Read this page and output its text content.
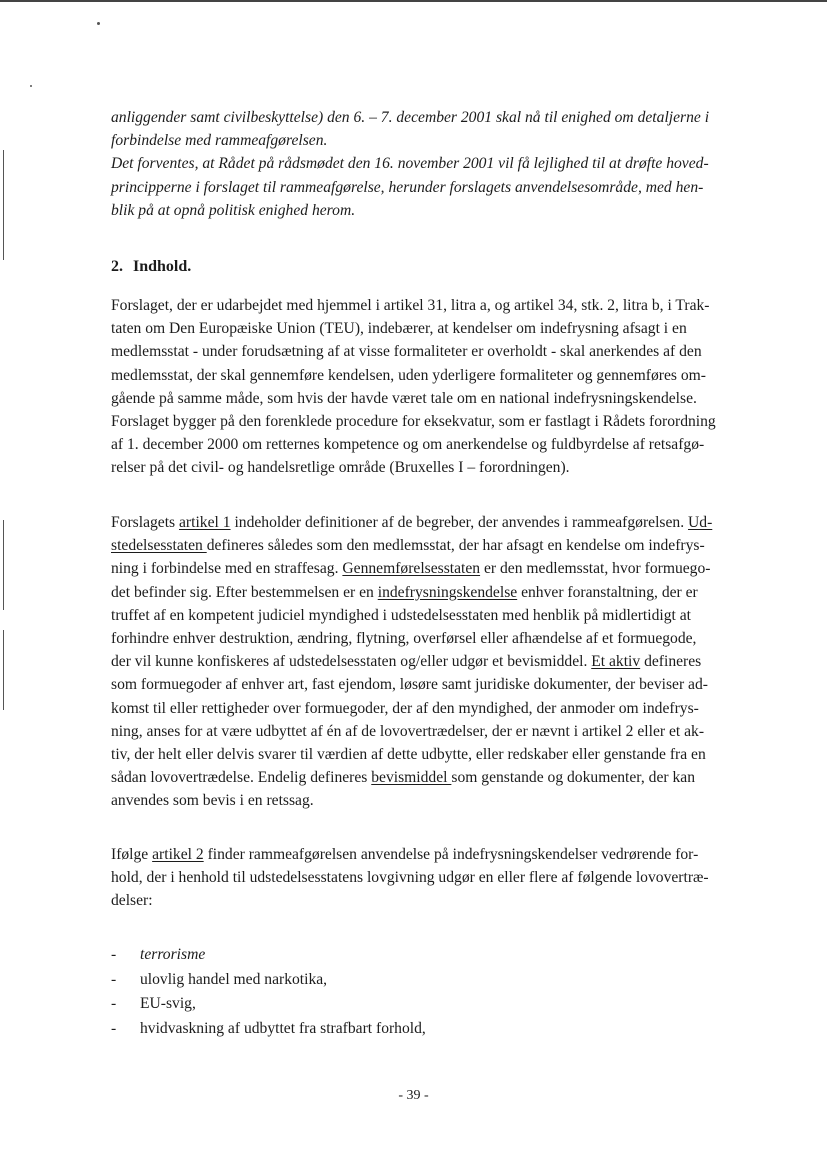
anliggender samt civilbeskyttelse) den 6. – 7. december 2001 skal nå til enighed om detaljerne i
forbindelse med rammeafgørelsen.
Det forventes, at Rådet på rådsmødet den 16. november 2001 vil få lejlighed til at drøfte hoved-
principperne i forslaget til rammeafgørelse, herunder forslagets anvendelsesområde, med hen-
blik på at opnå politisk enighed herom.
2. Indhold.
Forslaget, der er udarbejdet med hjemmel i artikel 31, litra a, og artikel 34, stk. 2, litra b, i Trak-
taten om Den Europæiske Union (TEU), indebærer, at kendelser om indefrysning afsagt i en
medlemsstat - under forudsætning af at visse formaliteter er overholdt - skal anerkendes af den
medlemsstat, der skal gennemføre kendelsen, uden yderligere formaliteter og gennemføres om-
gående på samme måde, som hvis der havde været tale om en national indefrysningskendelse.
Forslaget bygger på den forenklede procedure for eksekvatur, som er fastlagt i Rådets forordning
af 1. december 2000 om retternes kompetence og om anerkendelse og fuldbyrdelse af retsafgø-
relser på det civil- og handelsretlige område (Bruxelles I – forordningen).
Forslagets artikel 1 indeholder definitioner af de begreber, der anvendes i rammeafgørelsen. Ud-
stedelsesstaten defineres således som den medlemsstat, der har afsagt en kendelse om indefrys-
ning i forbindelse med en straffesag. Gennemførelsesstaten er den medlemsstat, hvor formuego-
det befinder sig. Efter bestemmelsen er en indefrysningskendelse enhver foranstaltning, der er
truffet af en kompetent judiciel myndighed i udstedelsesstaten med henblik på midlertidigt at
forhindre enhver destruktion, ændring, flytning, overførsel eller afhændelse af et formuegode,
der vil kunne konfiskeres af udstedelsesstaten og/eller udgør et bevismiddel. Et aktiv defineres
som formuegoder af enhver art, fast ejendom, løsøre samt juridiske dokumenter, der beviser ad-
komst til eller rettigheder over formuegoder, der af den myndighed, der anmoder om indefrys-
ning, anses for at være udbyttet af én af de lovovertrædelser, der er nævnt i artikel 2 eller et ak-
tiv, der helt eller delvis svarer til værdien af dette udbytte, eller redskaber eller genstande fra en
sådan lovovertrædelse. Endelig defineres bevismiddel som genstande og dokumenter, der kan
anvendes som bevis i en retssag.
Ifølge artikel 2 finder rammeafgørelsen anvendelse på indefrysningskendelser vedrørende for-
hold, der i henhold til udstedelsesstatens lovgivning udgør en eller flere af følgende lovovertræ-
delser:
- terrorisme
- ulovlig handel med narkotika,
- EU-svig,
- hvidvaskning af udbyttet fra strafbart forhold,
- 39 -
